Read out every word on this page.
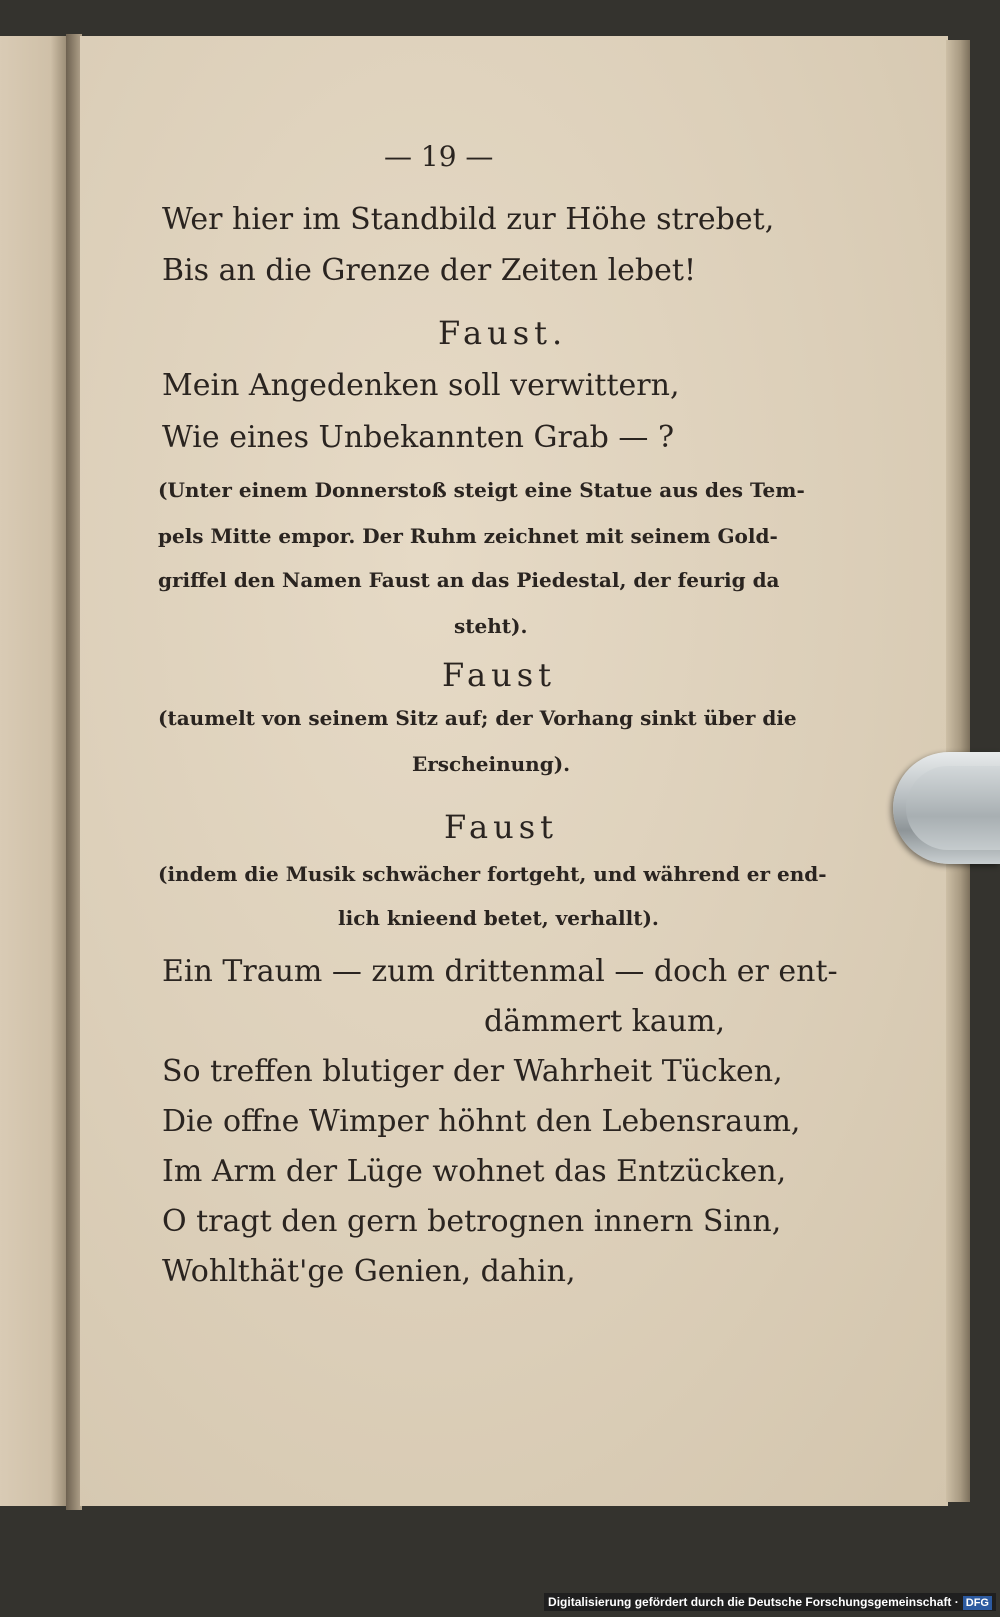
— 19 —
Wer hier im Standbild zur Höhe strebet,
Bis an die Grenze der Zeiten lebet!
Faust.
Mein Angedenken soll verwittern,
Wie eines Unbekannten Grab — ?
(Unter einem Donnerstoß steigt eine Statue aus des Tem-
pels Mitte empor. Der Ruhm zeichnet mit seinem Gold-
griffel den Namen Faust an das Piedestal, der feurig da
steht).
Faust
(taumelt von seinem Sitz auf; der Vorhang sinkt über die
Erscheinung).
Faust
(indem die Musik schwächer fortgeht, und während er end-
lich knieend betet, verhallt).
Ein Traum — zum drittenmal — doch er ent-
dämmert kaum,
So treffen blutiger der Wahrheit Tücken,
Die offne Wimper höhnt den Lebensraum,
Im Arm der Lüge wohnet das Entzücken,
O tragt den gern betrognen innern Sinn,
Wohlthät'ge Genien, dahin,
Digitalisierung gefördert durch die Deutsche Forschungsgemeinschaft · DFG
